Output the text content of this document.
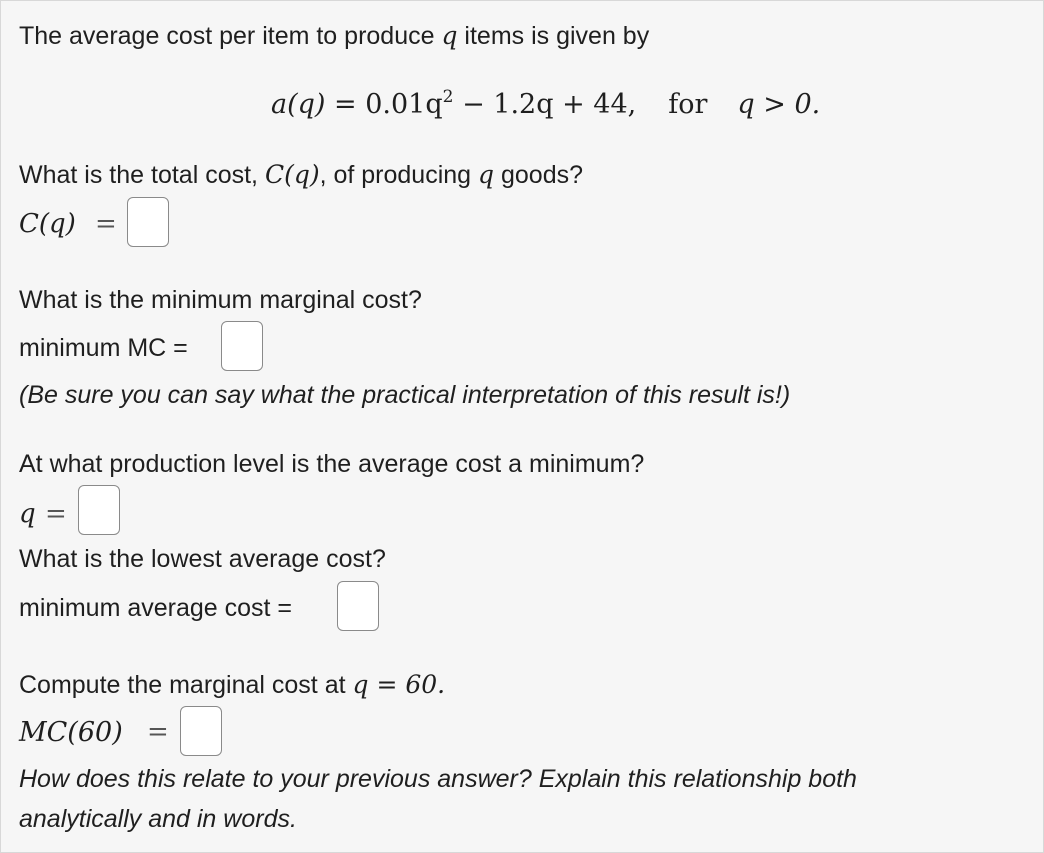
The average cost per item to produce q items is given by
$a(q) = 0.01q^2 - 1.2q + 44$, for q > 0.
What is the total cost, C(q), of producing q goods?
C(q) =
What is the minimum marginal cost?
minimum MC =
(Be sure you can say what the practical interpretation of this result is!)
At what production level is the average cost a minimum?
q =
What is the lowest average cost?
minimum average cost =
Compute the marginal cost at q = 60.
MC(60) =
How does this relate to your previous answer? Explain this relationship both
analytically and in words.
